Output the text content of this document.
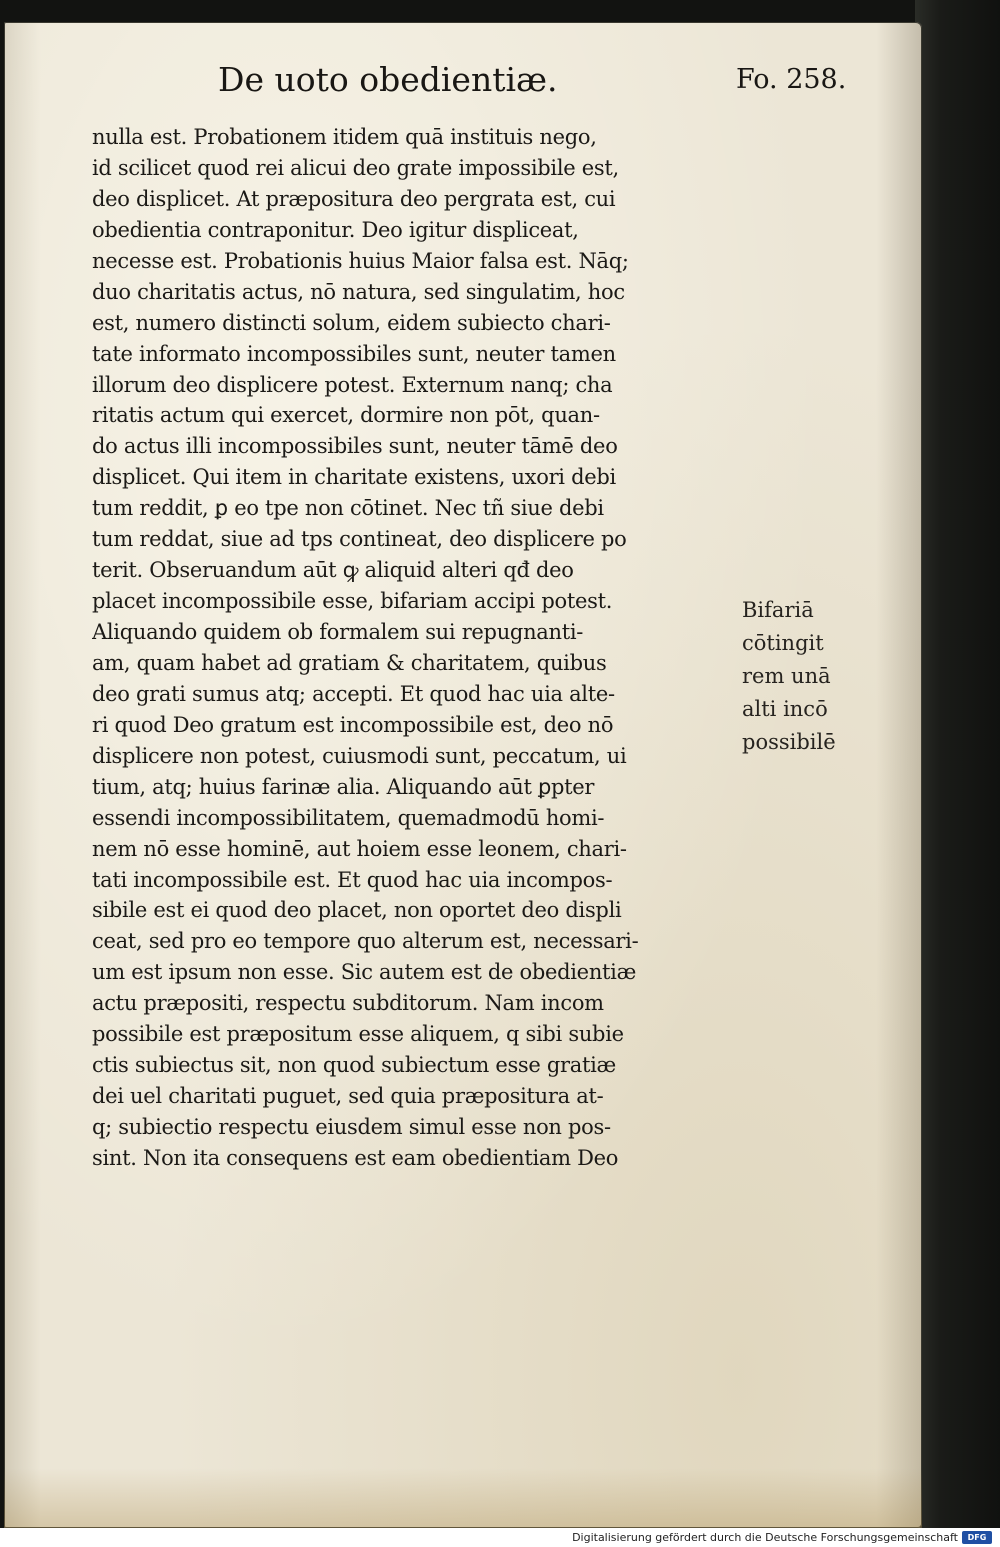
De uoto obedientiæ.	Fo. 258.
nulla est. Probationem itidem quā instituis nego,
id scilicet quod rei alicui deo grate impossibile est,
deo displicet. At præpositura deo pergrata est, cui
obedientia contraponitur. Deo igitur displiceat,
necesse est. Probationis huius Maior falsa est. Nāq;
duo charitatis actus, nō natura, sed singulatim, hoc
est, numero distincti solum, eidem subiecto chari-
tate informato incompossibiles sunt, neuter tamen
illorum deo displicere potest. Externum nanq; cha
ritatis actum qui exercet, dormire non pōt, quan-
do actus illi incompossibiles sunt, neuter tāmē deo
displicet. Qui item in charitate existens, uxori debi
tum reddit, ꝑ eo tpe non cōtinet. Nec tñ siue debi
tum reddat, siue ad tps contineat, deo displicere po
terit. Obseruandum aūt ꝙ aliquid alteri qđ deo
placet incompossibile esse, bifariam accipi potest.
Aliquando quidem ob formalem sui repugnanti-
am, quam habet ad gratiam & charitatem, quibus
deo grati sumus atq; accepti. Et quod hac uia alte-
ri quod Deo gratum est incompossibile est, deo nō
displicere non potest, cuiusmodi sunt, peccatum, ui
tium, atq; huius farinæ alia. Aliquando aūt ꝑpter
essendi incompossibilitatem, quemadmodū homi-
nem nō esse hominē, aut hoiem esse leonem, chari-
tati incompossibile est. Et quod hac uia incompos-
sibile est ei quod deo placet, non oportet deo displi
ceat, sed pro eo tempore quo alterum est, necessari-
um est ipsum non esse. Sic autem est de obedientiæ
actu præpositi, respectu subditorum. Nam incom
possibile est præpositum esse aliquem, q sibi subie
ctis subiectus sit, non quod subiectum esse gratiæ
dei uel charitati puguet, sed quia præpositura at-
q; subiectio respectu eiusdem simul esse non pos-
sint. Non ita consequens est eam obedientiam Deo
Bifariā
cōtingit
rem unā
alti incō
possibilē
Digitalisierung gefördert durch die Deutsche Forschungsgemeinschaft	DFG
